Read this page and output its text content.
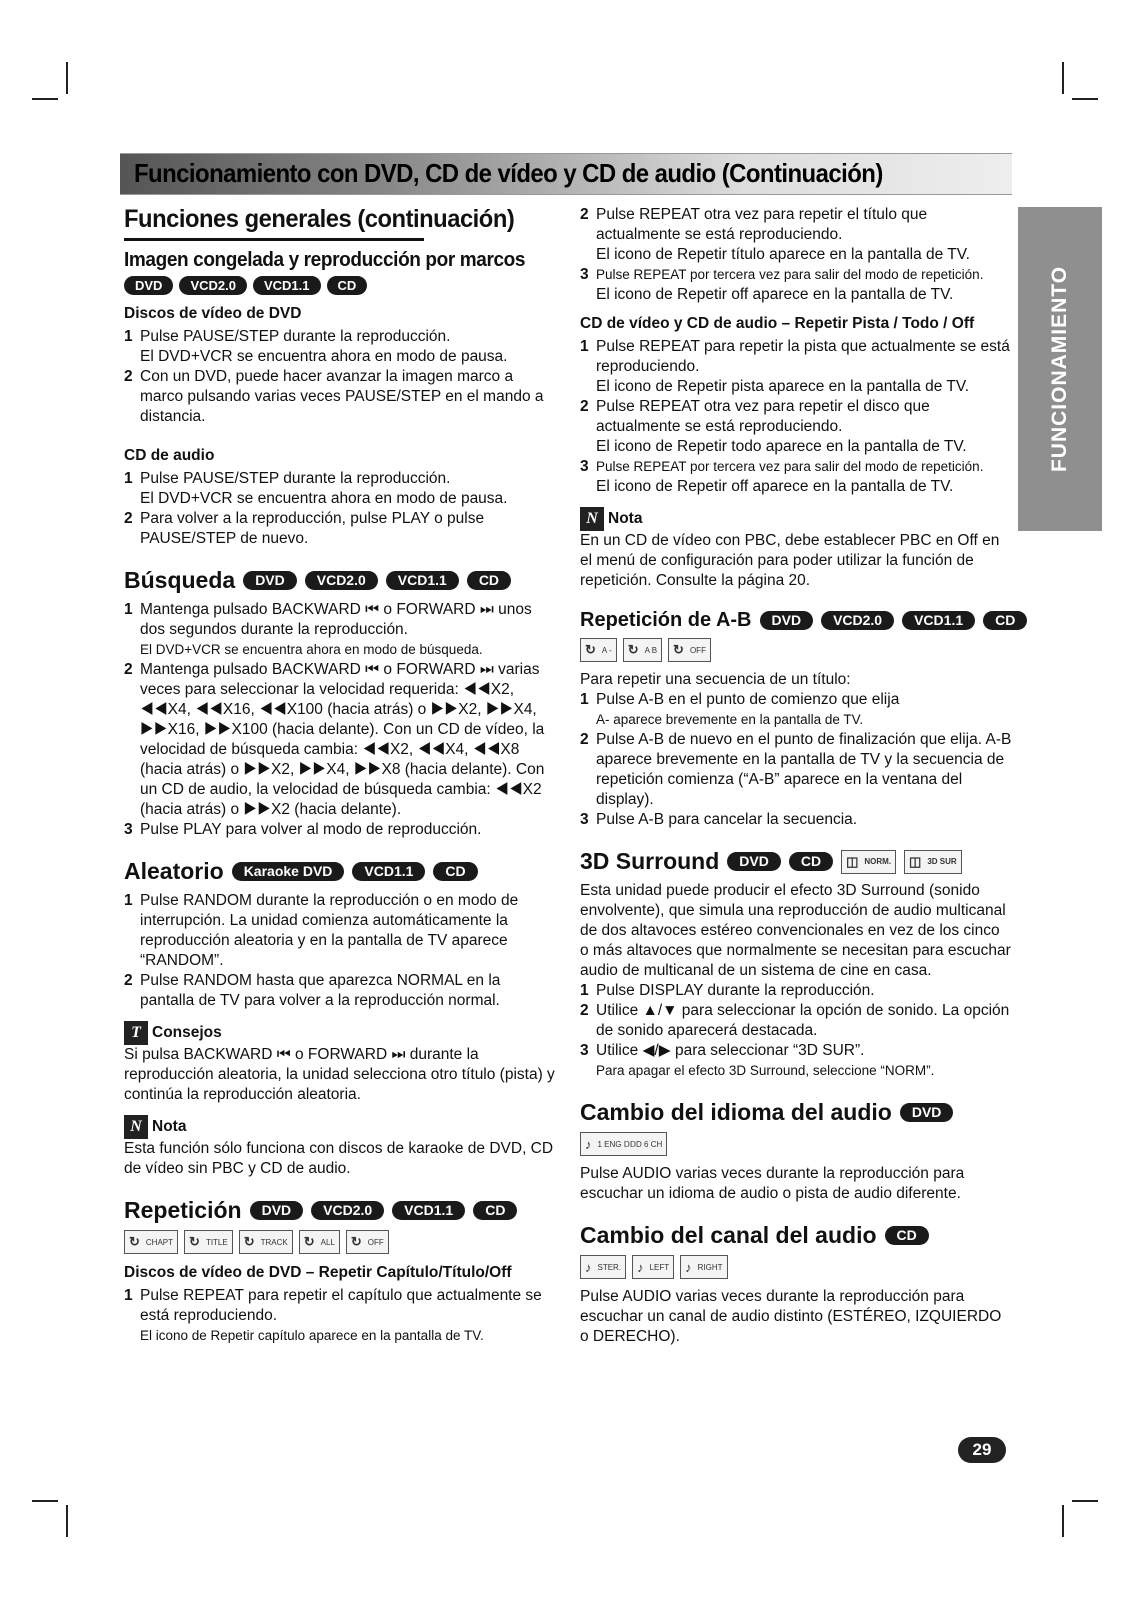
Funcionamiento con DVD, CD de vídeo y CD de audio (Continuación)
FUNCIONAMIENTO
Funciones generales (continuación)
Imagen congelada y reproducción por marcos
DVD	VCD2.0	VCD1.1	CD
Discos de vídeo de DVD
1 Pulse PAUSE/STEP durante la reproducción.
El DVD+VCR se encuentra ahora en modo de pausa.
2 Con un DVD, puede hacer avanzar la imagen marco a marco pulsando varias veces PAUSE/STEP en el mando a distancia.
CD de audio
1 Pulse PAUSE/STEP durante la reproducción.
El DVD+VCR se encuentra ahora en modo de pausa.
2 Para volver a la reproducción, pulse PLAY o pulse PAUSE/STEP de nuevo.
Búsqueda	DVD	VCD2.0	VCD1.1	CD
1 Mantenga pulsado BACKWARD ⏮ o FORWARD ⏭ unos dos segundos durante la reproducción.
El DVD+VCR se encuentra ahora en modo de búsqueda.
2 Mantenga pulsado BACKWARD ⏮ o FORWARD ⏭ varias veces para seleccionar la velocidad requerida: ◀◀X2, ◀◀X4, ◀◀X16, ◀◀X100 (hacia atrás) o ▶▶X2, ▶▶X4, ▶▶X16, ▶▶X100 (hacia delante). Con un CD de vídeo, la velocidad de búsqueda cambia: ◀◀X2, ◀◀X4, ◀◀X8 (hacia atrás) o ▶▶X2, ▶▶X4, ▶▶X8 (hacia delante). Con un CD de audio, la velocidad de búsqueda cambia: ◀◀X2 (hacia atrás) o ▶▶X2 (hacia delante).
3 Pulse PLAY para volver al modo de reproducción.
Aleatorio	Karaoke DVD	VCD1.1	CD
1 Pulse RANDOM durante la reproducción o en modo de interrupción. La unidad comienza automáticamente la reproducción aleatoria y en la pantalla de TV aparece “RANDOM”.
2 Pulse RANDOM hasta que aparezca NORMAL en la pantalla de TV para volver a la reproducción normal.
T Consejos

Si pulsa BACKWARD ⏮ o FORWARD ⏭ durante la reproducción aleatoria, la unidad selecciona otro título (pista) y continúa la reproducción aleatoria.

N Nota

Esta función sólo funciona con discos de karaoke de DVD, CD de vídeo sin PBC y CD de audio.

Repetición	DVD	VCD2.0	VCD1.1	CD
↻ CHAPT ↻ TITLE ↻ TRACK ↻ ALL ↻ OFF
Discos de vídeo de DVD – Repetir Capítulo/Título/Off
1 Pulse REPEAT para repetir el capítulo que actualmente se está reproduciendo.
El icono de Repetir capítulo aparece en la pantalla de TV.
2 Pulse REPEAT otra vez para repetir el título que actualmente se está reproduciendo.
El icono de Repetir título aparece en la pantalla de TV.
3 Pulse REPEAT por tercera vez para salir del modo de repetición.
El icono de Repetir off aparece en la pantalla de TV.
CD de vídeo y CD de audio – Repetir Pista / Todo / Off
1 Pulse REPEAT para repetir la pista que actualmente se está reproduciendo.
El icono de Repetir pista aparece en la pantalla de TV.
2 Pulse REPEAT otra vez para repetir el disco que actualmente se está reproduciendo.
El icono de Repetir todo aparece en la pantalla de TV.
3 Pulse REPEAT por tercera vez para salir del modo de repetición.
El icono de Repetir off aparece en la pantalla de TV.
N Nota

En un CD de vídeo con PBC, debe establecer PBC en Off en el menú de configuración para poder utilizar la función de repetición. Consulte la página 20.

Repetición de A-B	DVD	VCD2.0	VCD1.1	CD
↻ A - ↻ A B ↻ OFF

Para repetir una secuencia de un título:

1 Pulse A-B en el punto de comienzo que elija
A- aparece brevemente en la pantalla de TV.
2 Pulse A-B de nuevo en el punto de finalización que elija. A-B aparece brevemente en la pantalla de TV y la secuencia de repetición comienza (“A-B” aparece en la ventana del display).
3 Pulse A-B para cancelar la secuencia.
3D Surround	DVD	CD	◫ NORM. ◫ 3D SUR

Esta unidad puede producir el efecto 3D Surround (sonido envolvente), que simula una reproducción de audio multicanal de dos altavoces estéreo convencionales en vez de los cinco o más altavoces que normalmente se necesitan para escuchar audio de multicanal de un sistema de cine en casa.

1 Pulse DISPLAY durante la reproducción.
2 Utilice ▲/▼ para seleccionar la opción de sonido. La opción de sonido aparecerá destacada.
3 Utilice ◀/▶ para seleccionar “3D SUR”.
Para apagar el efecto 3D Surround, seleccione “NORM”.
Cambio del idioma del audio	DVD
♪ 1 ENG ⅮⅮD 6 CH

Pulse AUDIO varias veces durante la reproducción para escuchar un idioma de audio o pista de audio diferente.

Cambio del canal del audio	CD
♪ STER. ♪ LEFT ♪ RIGHT

Pulse AUDIO varias veces durante la reproducción para escuchar un canal de audio distinto (ESTÉREO, IZQUIERDO o DERECHO).

29
